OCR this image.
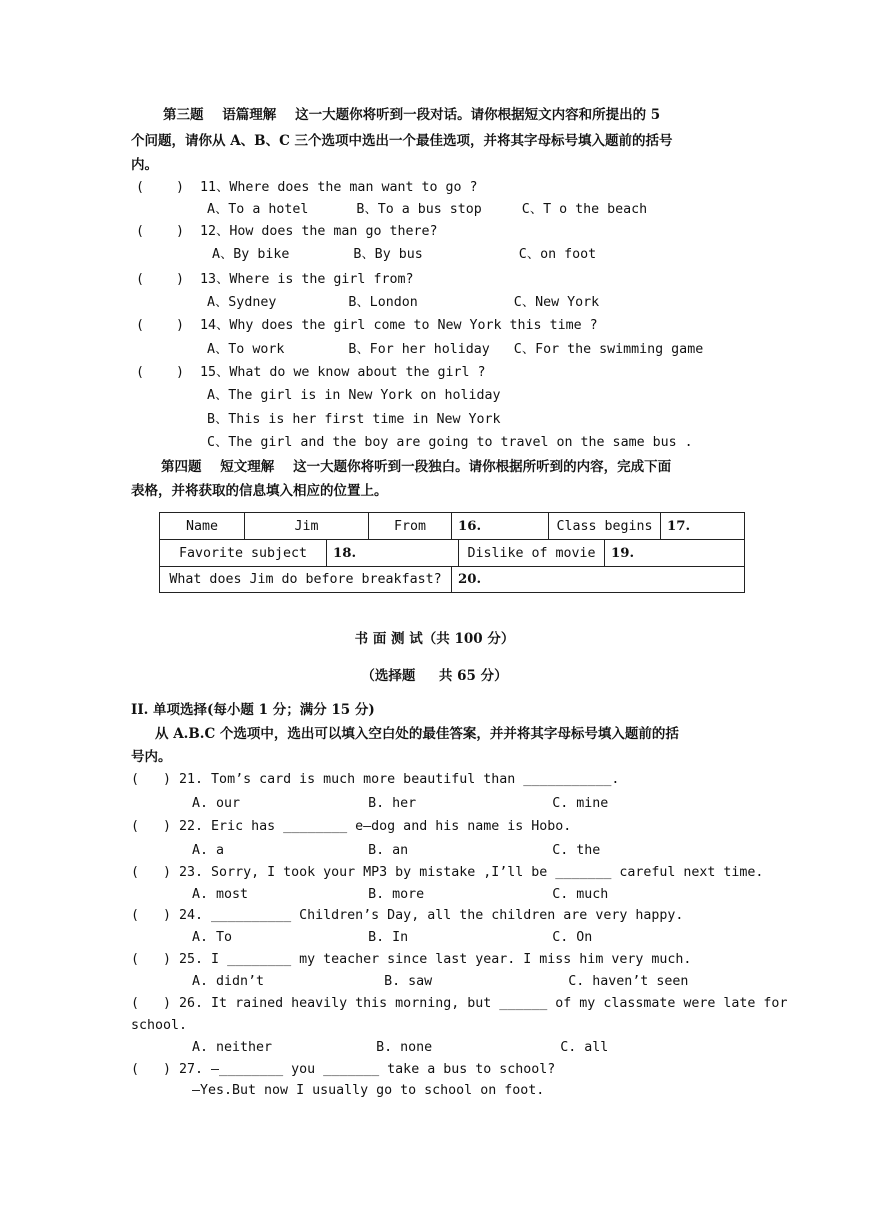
第三题    语篇理解    这一大题你将听到一段对话。请你根据短文内容和所提出的 5
个问题，请你从 A、B、C 三个选项中选出一个最佳选项，并将其字母标号填入题前的括号
内。
(    )  11、Where does the man want to go ?
A、To a hotel      B、To a bus stop     C、T o the beach
(    )  12、How does the man go there?
A、By bike        B、By bus            C、on foot
(    )  13、Where is the girl from?
A、Sydney         B、London            C、New York
(    )  14、Why does the girl come to New York this time ?
A、To work        B、For her holiday   C、For the swimming game
(    )  15、What do we know about the girl ?
A、The girl is in New York on holiday
B、This is her first time in New York
C、The girl and the boy are going to travel on the same bus .
第四题    短文理解    这一大题你将听到一段独白。请你根据所听到的内容，完成下面
表格，并将获取的信息填入相应的位置上。
Name	Jim	From 16.	Class begins 17.
Favorite subject 18.	Dislike of movie 19.
What does Jim do before breakfast? 20.
书 面 测 试（共 100 分）
（选择题     共 65 分）
II. 单项选择(每小题 1 分；满分 15 分)
从 A.B.C 个选项中，选出可以填入空白处的最佳答案，并并将其字母标号填入题前的括
号内。
(   ) 21. Tom’s card is much more beautiful than ___________.
A. our                B. her                 C. mine
(   ) 22. Eric has ________ e—dog and his name is Hobo.
A. a                  B. an                  C. the
(   ) 23. Sorry, I took your MP3 by mistake ,I’ll be _______ careful next time.
A. most               B. more                C. much
(   ) 24. __________ Children’s Day, all the children are very happy.
A. To                 B. In                  C. On
(   ) 25. I ________ my teacher since last year. I miss him very much.
A. didn’t               B. saw                 C. haven’t seen
(   ) 26. It rained heavily this morning, but ______ of my classmate were late for
school.
A. neither             B. none                C. all
(   ) 27. —________ you _______ take a bus to school?
—Yes.But now I usually go to school on foot.
